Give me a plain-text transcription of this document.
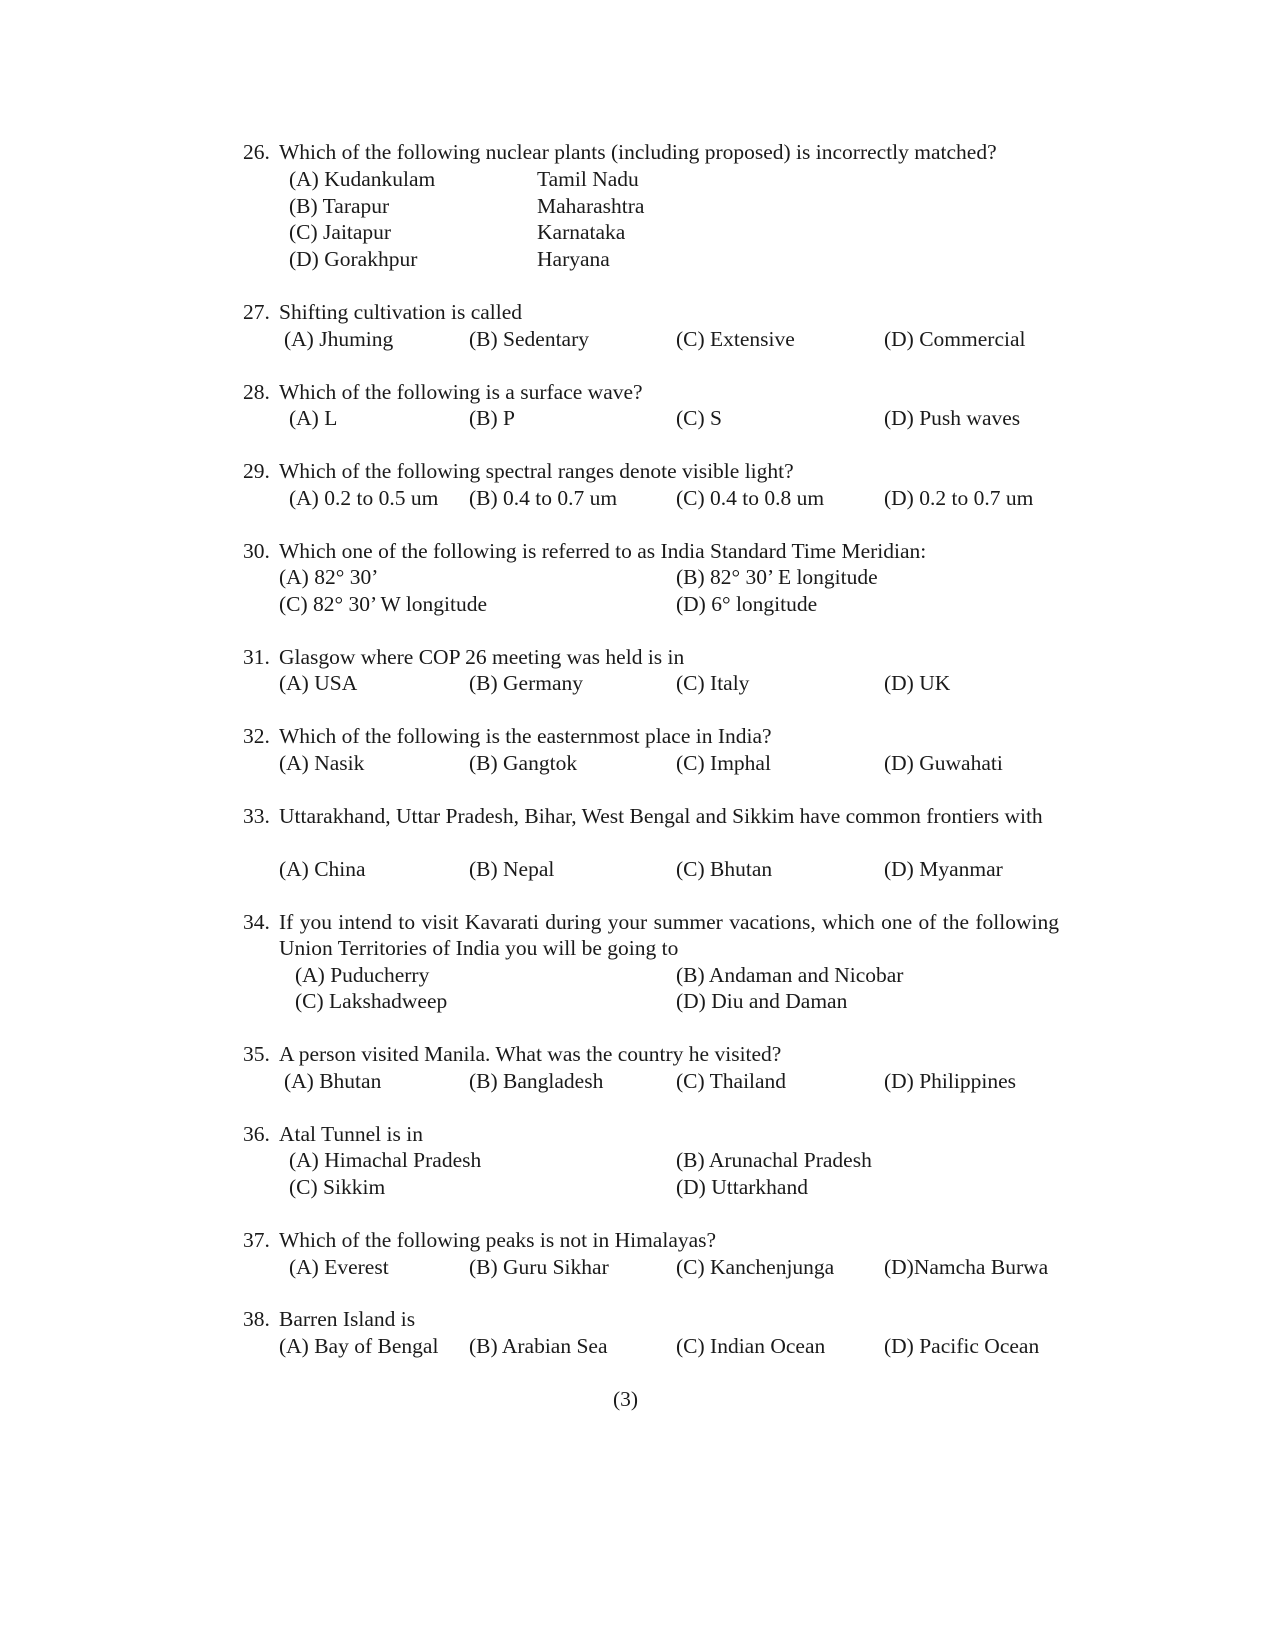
26. Which of the following nuclear plants (including proposed) is incorrectly matched?
(A) Kudankulam	Tamil Nadu
(B) Tarapur	Maharashtra
(C) Jaitapur	Karnataka
(D) Gorakhpur	Haryana
27. Shifting cultivation is called
(A) Jhuming	(B) Sedentary	(C) Extensive	(D) Commercial
28. Which of the following is a surface wave?
(A) L	(B) P	(C) S	(D) Push waves
29. Which of the following spectral ranges denote visible light?
(A) 0.2 to 0.5 um (B) 0.4 to 0.7 um	(C) 0.4 to 0.8 um	(D) 0.2 to 0.7 um
30. Which one of the following is referred to as India Standard Time Meridian:
(A) 82° 30’	(B) 82° 30’ E longitude
(C) 82° 30’ W longitude	(D) 6° longitude
31. Glasgow where COP 26 meeting was held is in
(A) USA	(B) Germany	(C) Italy	(D) UK
32. Which of the following is the easternmost place in India?
(A) Nasik	(B) Gangtok	(C) Imphal	(D) Guwahati
33. Uttarakhand, Uttar Pradesh, Bihar, West Bengal and Sikkim have common frontiers with
(A) China	(B) Nepal	(C) Bhutan	(D) Myanmar
34. If you intend to visit Kavarati during your summer vacations, which one of the following Union Territories of India you will be going to
(A) Puducherry	(B) Andaman and Nicobar
(C) Lakshadweep	(D) Diu and Daman
35. A person visited Manila. What was the country he visited?
(A) Bhutan	(B) Bangladesh	(C) Thailand	(D) Philippines
36. Atal Tunnel is in
(A) Himachal Pradesh	(B) Arunachal Pradesh
(C) Sikkim	(D) Uttarkhand
37. Which of the following peaks is not in Himalayas?
(A) Everest	(B) Guru Sikhar	(C) Kanchenjunga (D)Namcha Burwa
38. Barren Island is
(A) Bay of Bengal (B) Arabian Sea	(C) Indian Ocean	(D) Pacific Ocean
(3)
